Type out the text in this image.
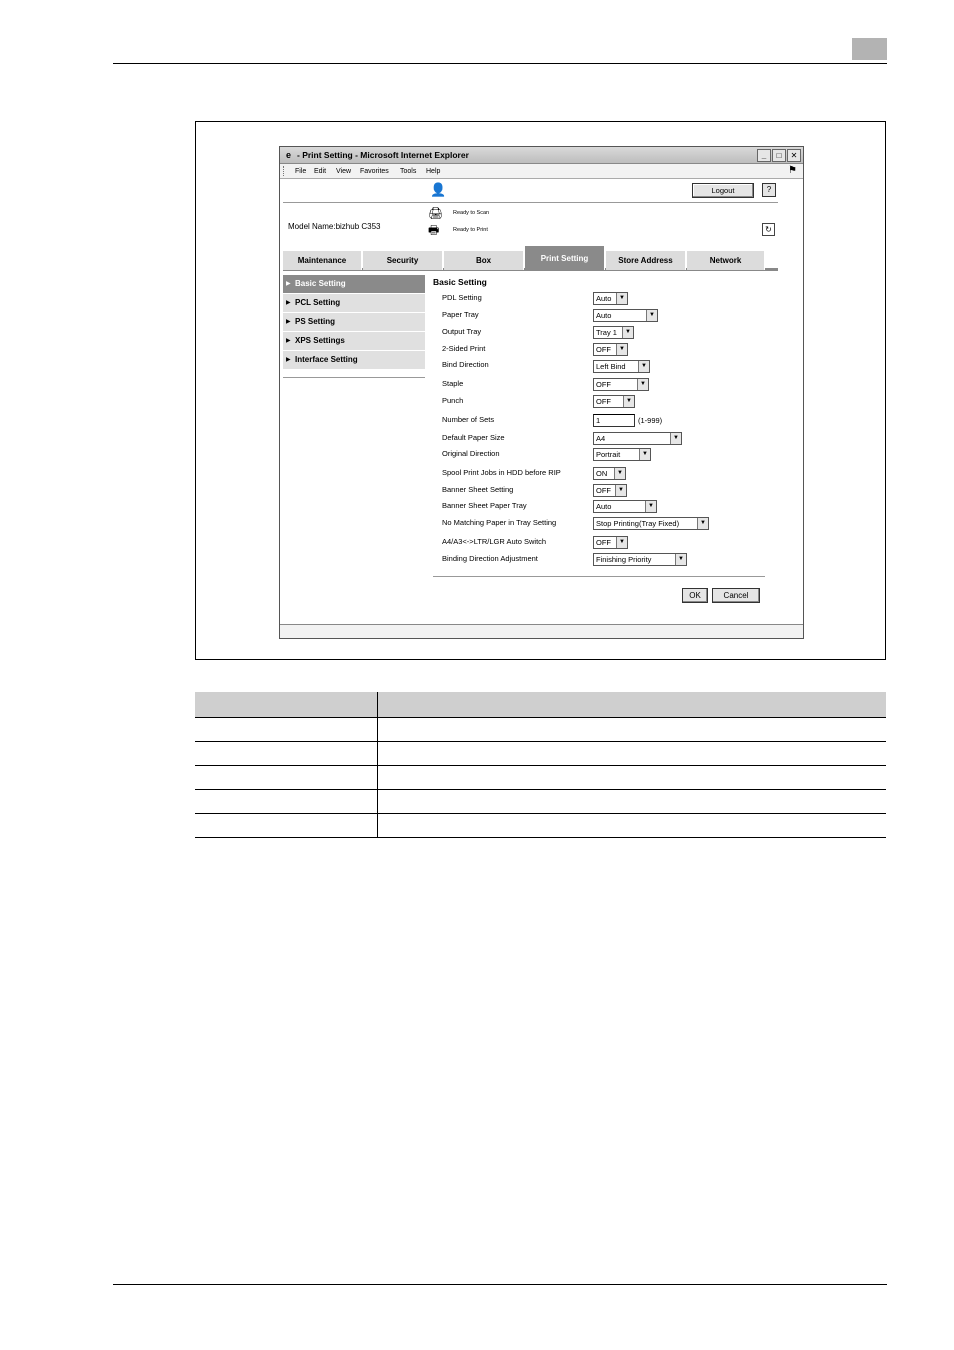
e - Print Setting - Microsoft Internet Explorer	_	□	✕
File Edit View Favorites Tools Help	⚑
👤	Logout	?
🖨	Ready to Scan
🖶	Ready to Print
Model Name:bizhub C353	↻
Maintenance	Security	Box	Print Setting	Store Address	Network
▶ Basic Setting
▶ PCL Setting
▶ PS Setting
▶ XPS Settings
▶ Interface Setting
Basic Setting
PDL Setting	Auto	▼
Paper Tray	Auto	▼
Output Tray	Tray 1	▼
2-Sided Print	OFF	▼
Bind Direction	Left Bind	▼
Staple	OFF	▼
Punch	OFF	▼
Number of Sets	1	(1-999)
Default Paper Size	A4	▼
Original Direction	Portrait	▼
Spool Print Jobs in HDD before RIP	ON	▼
Banner Sheet Setting	OFF	▼
Banner Sheet Paper Tray	Auto	▼
No Matching Paper in Tray Setting	Stop Printing(Tray Fixed)	▼
A4/A3<->LTR/LGR Auto Switch	OFF	▼
Binding Direction Adjustment	Finishing Priority	▼
OK	Cancel
